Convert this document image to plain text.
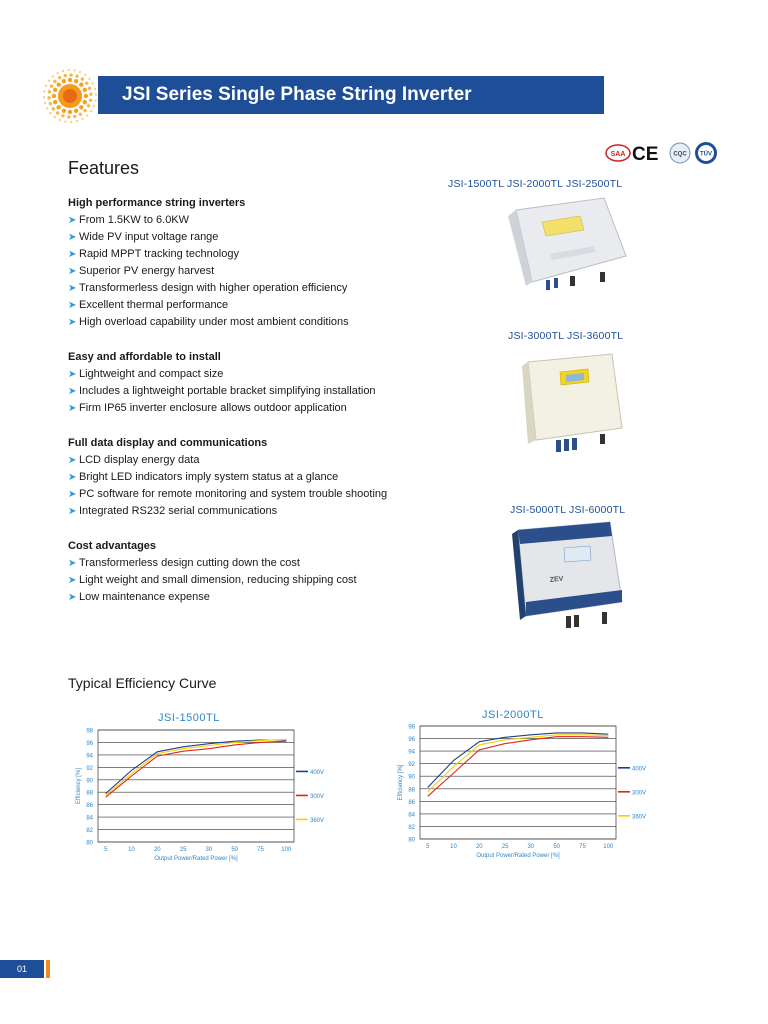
JSI Series Single Phase String Inverter
SAA CE CQC TÜV
Features
High performance string inverters
➤ From 1.5KW to 6.0KW
➤ Wide PV input voltage range
➤ Rapid MPPT tracking technology
➤ Superior PV energy harvest
➤ Transformerless design with higher operation efficiency
➤ Excellent thermal performance
➤ High overload capability under most ambient conditions
Easy and affordable to install
➤ Lightweight and compact size
➤ Includes a lightweight portable bracket simplifying installation
➤ Firm IP65 inverter enclosure allows outdoor application
Full data display and communications
➤ LCD display energy data
➤ Bright LED indicators imply system status at a glance
➤ PC software for remote monitoring and system trouble shooting
➤ Integrated RS232 serial communications
Cost advantages
➤ Transformerless design cutting down the cost
➤ Light weight and small dimension, reducing shipping cost
➤ Low maintenance expense
JSI-1500TL JSI-2000TL JSI-2500TL
JSI-3000TL JSI-3600TL
JSI-5000TL JSI-6000TL
ZEV
Typical Efficiency Curve
JSI-1500TL
80
82
84
86
88
90
92
94
96
98
5	10	20	25	30	50	75	100
Output Power/Rated Power [%]
Efficiency [%]	400V
300V
360V
JSI-2000TL
80
82
84
86
88
90
92
94
96
98
5	10	20	25	30	50	75	100
Output Power/Rated Power [%]
Efficiency [%]	400V
300V
360V
01
